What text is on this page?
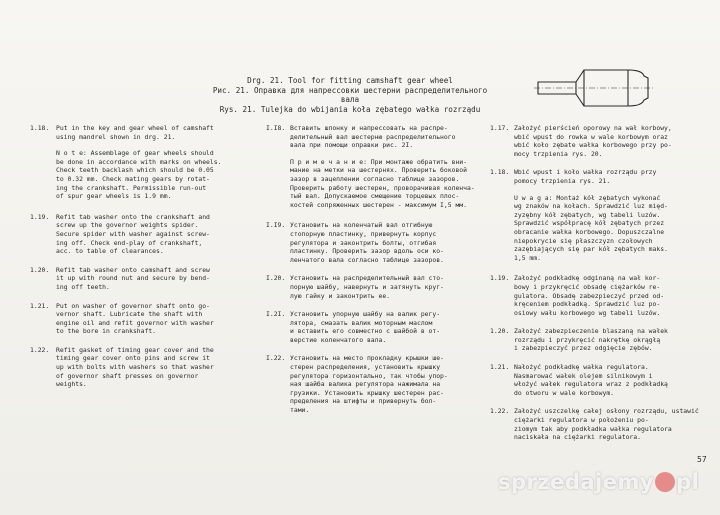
Drg. 21. Tool for fitting camshaft gear wheel
Рис. 21. Оправка для напрессовки шестерни распределительного
вала
Rys. 21. Tulejka do wbijania koła zębatego wałka rozrządu
1.18. Put in the key and gear wheel of camshaft
using mandrel shown in drg. 21.
N o t e: Assemblage of gear wheels should
be done in accordance with marks on wheels.
Check teeth backlash which should be 0.05
to 0.32 mm. Check mating gears by rotat-
ing the crankshaft. Permissible run-out
of spur gear wheels is 1.9 mm.
1.19. Refit tab washer onto the crankshaft and
screw up the governor weights spider.
Secure spider with washer against screw-
ing off. Check end-play of crankshaft,
acc. to table of clearances.
1.20. Refit tab washer onto camshaft and screw
it up with round nut and secure by bend-
ing off teeth.
1.21. Put on washer of governor shaft onto go-
vernor shaft. Lubricate the shaft with
engine oil and refit governor with washer
to the bore in crankshaft.
1.22. Refit gasket of timing gear cover and the
timing gear cover onto pins and screw it
up with bolts with washers so that washer
of governor shaft presses on governor
weights.
I.I8. Вставить шпонку и напрессовать на распре-
делительный вал шестерню распределительного
вала при помощи оправки рис. 2I.
П р и м е ч а н и е: При монтаже обратить вни-
мание на метки на шестернях. Проверить боковой
зазор в зацеплении согласно таблице зазоров.
Проверить работу шестерен, проворачивая коленча-
тый вал. Допускаемое смещение торцевых плос-
костей сопряженных шестерен - максимум I,5 мм.
I.I9. Установить на коленчатый вал отгибную
стопорную пластинку, привернуть корпус
регулятора и законтрить болты, отгибая
пластинку. Проверить зазор вдоль оси ко-
ленчатого вала согласно таблице зазоров.
I.20. Установить на распределительный вал сто-
порную шайбу, навернуть и затянуть круг-
лую гайку и законтрить ее.
I.2I. Установить упорную шайбу на валик регу-
лятора, смазать валик моторным маслом
и вставить его совместно с шайбой в от-
верстие коленчатого вала.
I.22. Установить на место прокладку крышки ше-
стерен распределения, установить крышку
регулятора горизонтально, так чтобы упор-
ная шайба валика регулятора нажимала на
грузики. Установить крышку шестерен рас-
пределения на штифты и привернуть бол-
тами.
1.17. Założyć pierścień oporowy na wał korbowy,
wbić wpust do rowka w wale korbowym oraz
wbić koło zębate wałka korbowego przy po-
mocy trzpienia rys. 20.
1.18. Wbić wpust i koło wałka rozrządu przy
pomocy trzpienia rys. 21.
U w a g a: Montaż kół zębatych wykonać
wg znaków na kołach. Sprawdzić luz międ-
zyzębny kół zębatych, wg tabeli luzów.
Sprawdzić współpracę kół zębatych przez
obracanie wałka korbowego. Dopuszczalne
niepokrycie się płaszczyzn czołowych
zazębiających się par kół zębatych maks.
1,5 mm.
1.19. Założyć podkładkę odginaną na wał kor-
bowy i przykręcić obsadę ciężarków re-
gulatora. Obsadę zabezpieczyć przed od-
kręceniem podkładką. Sprawdzić luz po-
osiowy wału korbowego wg tabeli luzów.
1.20. Założyć zabezpieczenie blaszaną na wałek
rozrządu i przykręcić nakrętkę okrągłą
i zabezpieczyć przez odgięcie zębów.
1.21. Nałożyć podkładkę wałka regulatora.
Nasmarować wałek olejem silnikowym i
włożyć wałek regulatora wraz z podkładką
do otworu w wale korbowym.
1.22. Założyć uszczelkę całej osłony rozrządu, ustawić
ciężarki regulatora w położeniu po-
ziomym tak aby podkładka wałka regulatora
naciskała na ciężarki regulatora.
57
sprzedajemy pl
